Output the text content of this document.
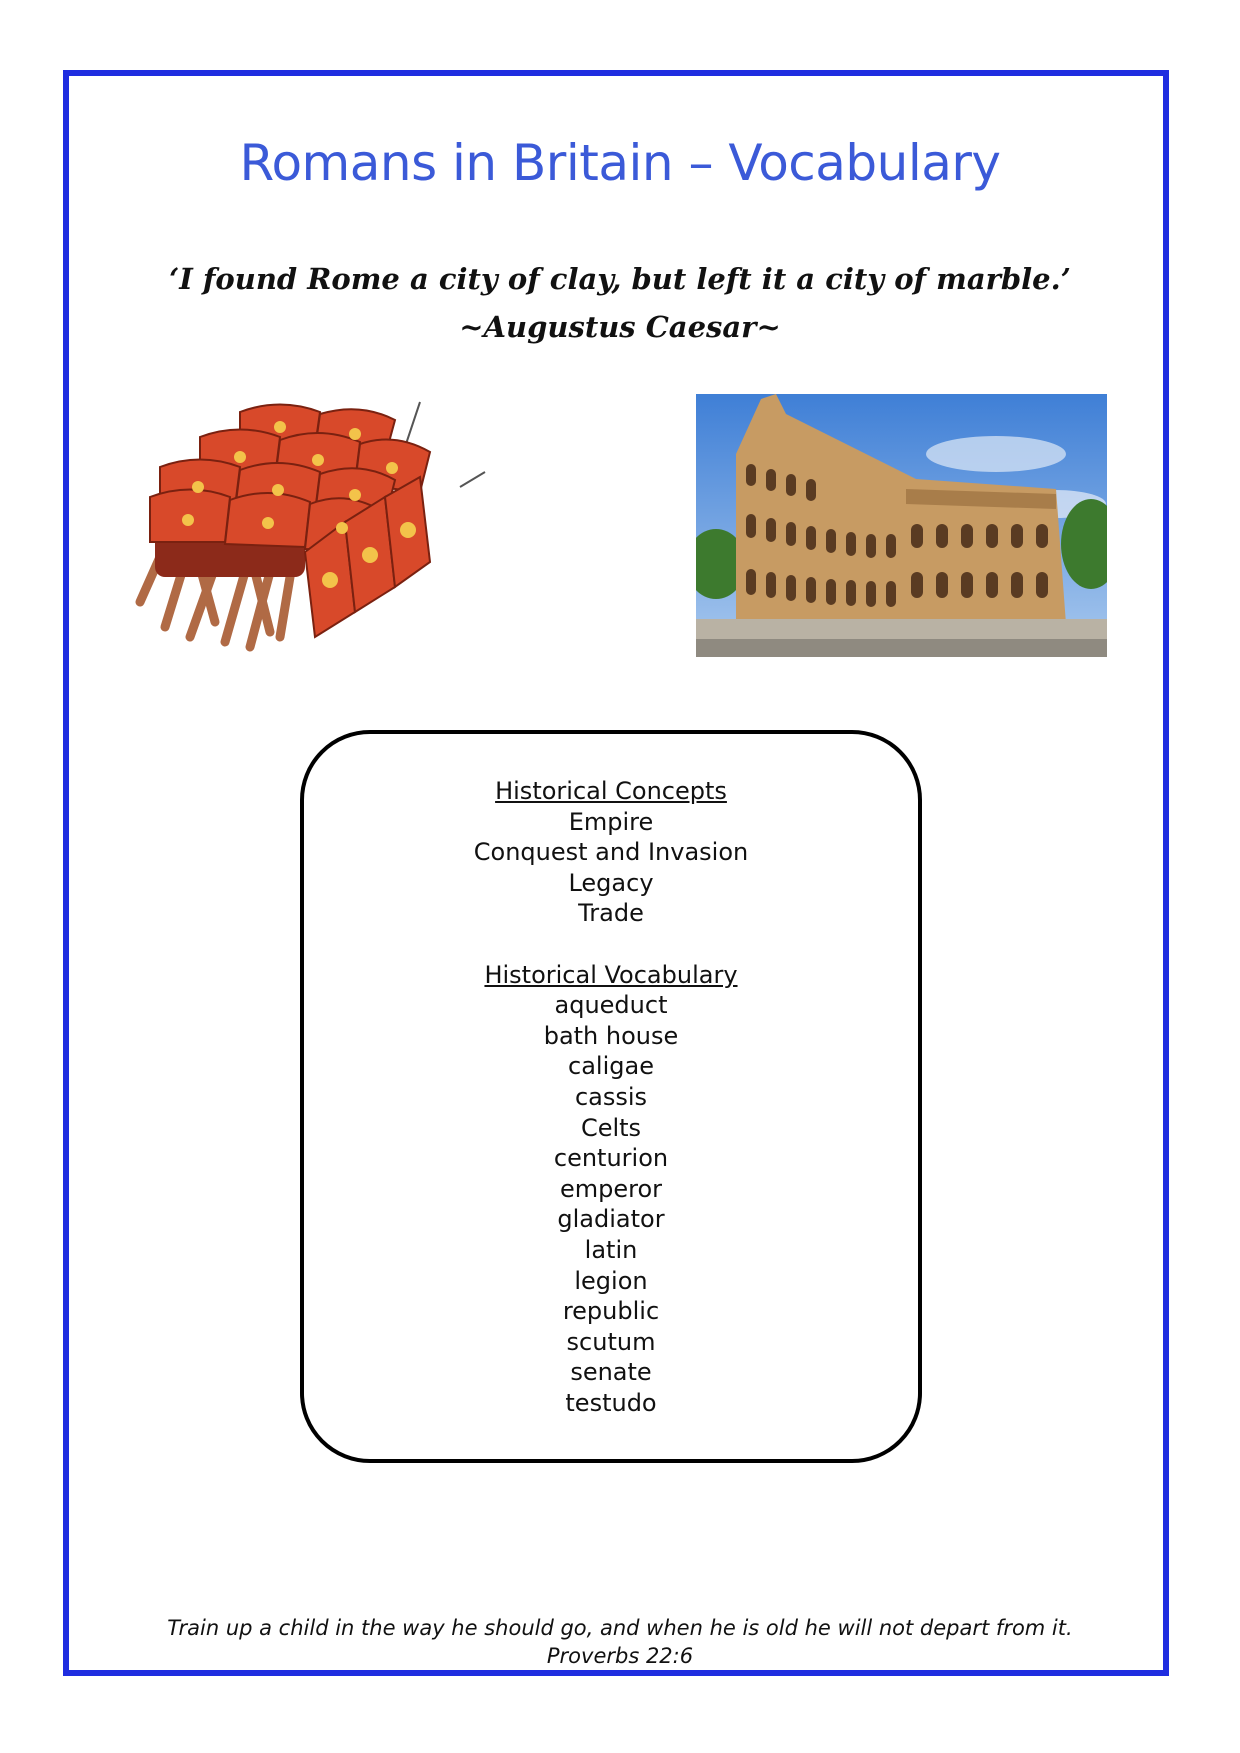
Romans in Britain – Vocabulary
‘I found Rome a city of clay, but left it a city of marble.’
~Augustus Caesar~
Historical Concepts
Empire
Conquest and Invasion
Legacy
Trade
Historical Vocabulary
aqueduct
bath house
caligae
cassis
Celts
centurion
emperor
gladiator
latin
legion
republic
scutum
senate
testudo
Train up a child in the way he should go, and when he is old he will not depart from it.
Proverbs 22:6
